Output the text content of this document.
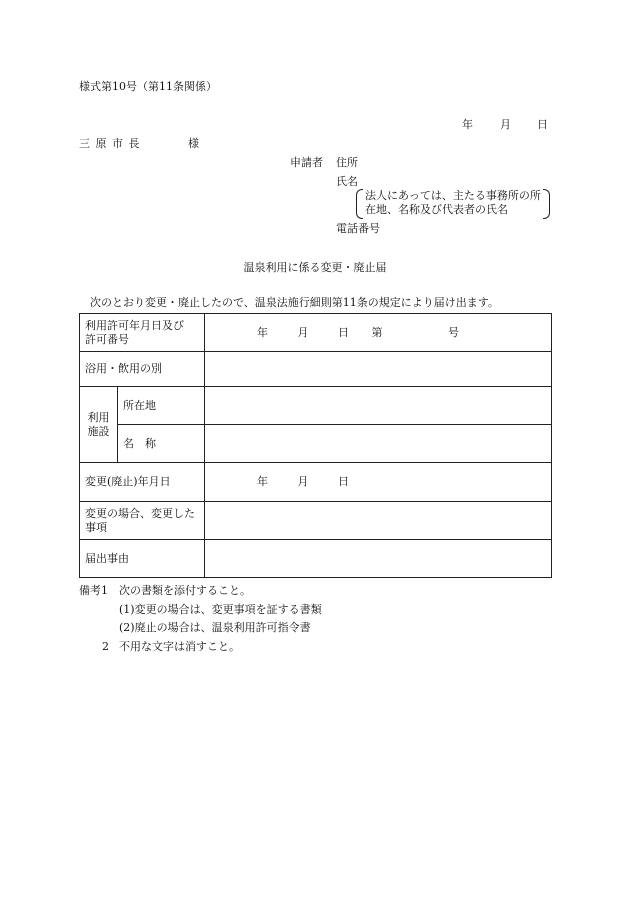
様式第10号（第11条関係）
年 月 日
三 原 市 長	様
申請者 住所
氏名
法人にあっては、主たる事務所の所
在地、名称及び代表者の氏名
電話番号
温泉利用に係る変更・廃止届
次のとおり変更・廃止したので、温泉法施行細則第11条の規定により届け出ます。
利用許可年月日及び
許可番号		年 月 日 第 号
浴用・飲用の別		

利用
施設	所在地	
	名　称	
変更(廃止)年月日		年 月 日

変更の場合、変更した
事項		

届出事由		
備考1 次の書類を添付すること。
(1)変更の場合は、変更事項を証する書類
(2)廃止の場合は、温泉利用許可指令書
2 不用な文字は消すこと。
